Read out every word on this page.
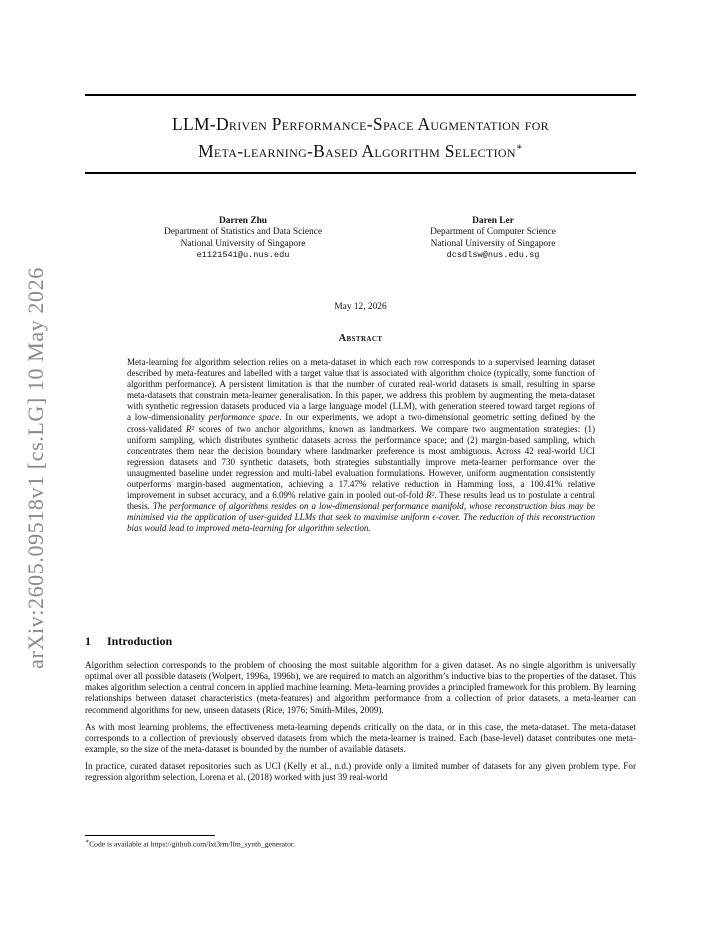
arXiv:2605.09518v1 [cs.LG] 10 May 2026
LLM-Driven Performance-Space Augmentation for
Meta-learning-Based Algorithm Selection∗
Darren Zhu
Department of Statistics and Data Science
National University of Singapore
e1121541@u.nus.edu
Daren Ler
Department of Computer Science
National University of Singapore
dcsdlsw@nus.edu.sg
May 12, 2026
Abstract
Meta-learning for algorithm selection relies on a meta-dataset in which each row corresponds to a supervised learning dataset described by meta-features and labelled with a target value that is associated with algorithm choice (typically, some function of algorithm performance). A persistent limitation is that the number of curated real-world datasets is small, resulting in sparse meta-datasets that constrain meta-learner generalisation. In this paper, we address this problem by augmenting the meta-dataset with synthetic regression datasets produced via a large language model (LLM), with generation steered toward target regions of a low-dimensionality performance space. In our experiments, we adopt a two-dimensional geometric setting defined by the cross-validated R² scores of two anchor algorithms, known as landmarkers. We compare two augmentation strategies: (1) uniform sampling, which distributes synthetic datasets across the performance space; and (2) margin-based sampling, which concentrates them near the decision boundary where landmarker preference is most ambiguous. Across 42 real-world UCI regression datasets and 730 synthetic datasets, both strategies substantially improve meta-learner performance over the unaugmented baseline under regression and multi-label evaluation formulations. However, uniform augmentation consistently outperforms margin-based augmentation, achieving a 17.47% relative reduction in Hamming loss, a 100.41% relative improvement in subset accuracy, and a 6.09% relative gain in pooled out-of-fold R². These results lead us to postulate a central thesis. The performance of algorithms resides on a low-dimensional performance manifold, whose reconstruction bias may be minimised via the application of user-guided LLMs that seek to maximise uniform ϵ-cover. The reduction of this reconstruction bias would lead to improved meta-learning for algorithm selection.
1 Introduction

Algorithm selection corresponds to the problem of choosing the most suitable algorithm for a given dataset. As no single algorithm is universally optimal over all possible datasets (Wolpert, 1996a, 1996b), we are required to match an algorithm’s inductive bias to the properties of the dataset. This makes algorithm selection a central concern in applied machine learning. Meta-learning provides a principled framework for this problem. By learning relationships between dataset characteristics (meta-features) and algorithm performance from a collection of prior datasets, a meta-learner can recommend algorithms for new, unseen datasets (Rice, 1976; Smith-Miles, 2009).

As with most learning problems, the effectiveness meta-learning depends critically on the data, or in this case, the meta-dataset. The meta-dataset corresponds to a collection of previously observed datasets from which the meta-learner is trained. Each (base-level) dataset contributes one meta-example, so the size of the meta-dataset is bounded by the number of available datasets.

In practice, curated dataset repositories such as UCI (Kelly et al., n.d.) provide only a limited number of datasets for any given problem type. For regression algorithm selection, Lorena et al. (2018) worked with just 39 real-world

∗Code is available at https://github.com/lxt3rm/llm_synth_generator.
